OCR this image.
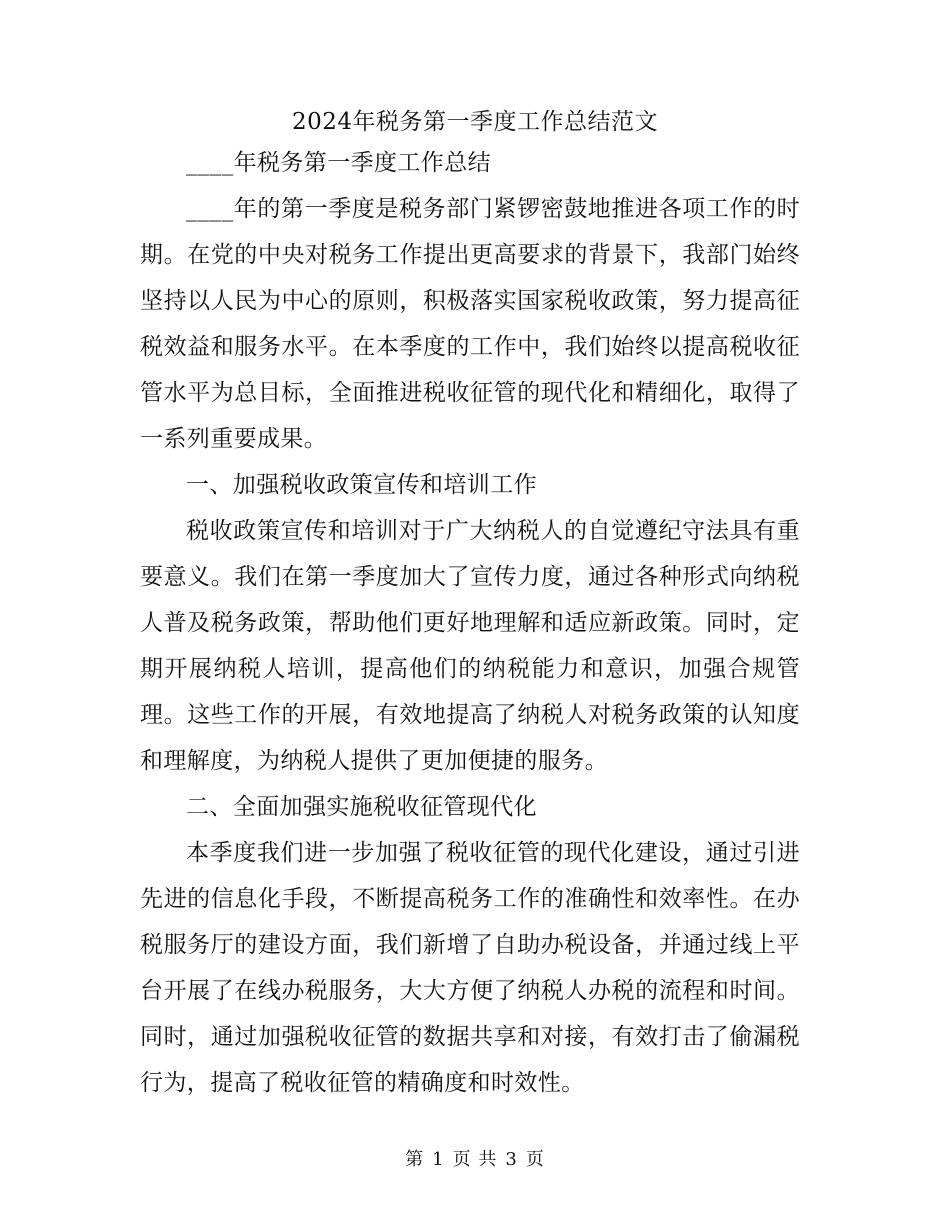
2024年税务第一季度工作总结范文

____年税务第一季度工作总结

____年的第一季度是税务部门紧锣密鼓地推进各项工作的时期。在党的中央对税务工作提出更高要求的背景下，我部门始终坚持以人民为中心的原则，积极落实国家税收政策，努力提高征税效益和服务水平。在本季度的工作中，我们始终以提高税收征管水平为总目标，全面推进税收征管的现代化和精细化，取得了一系列重要成果。

一、加强税收政策宣传和培训工作

税收政策宣传和培训对于广大纳税人的自觉遵纪守法具有重要意义。我们在第一季度加大了宣传力度，通过各种形式向纳税人普及税务政策，帮助他们更好地理解和适应新政策。同时，定期开展纳税人培训，提高他们的纳税能力和意识，加强合规管理。这些工作的开展，有效地提高了纳税人对税务政策的认知度和理解度，为纳税人提供了更加便捷的服务。

二、全面加强实施税收征管现代化

本季度我们进一步加强了税收征管的现代化建设，通过引进先进的信息化手段，不断提高税务工作的准确性和效率性。在办税服务厅的建设方面，我们新增了自助办税设备，并通过线上平台开展了在线办税服务，大大方便了纳税人办税的流程和时间。同时，通过加强税收征管的数据共享和对接，有效打击了偷漏税行为，提高了税收征管的精确度和时效性。

第 1 页 共 3 页
